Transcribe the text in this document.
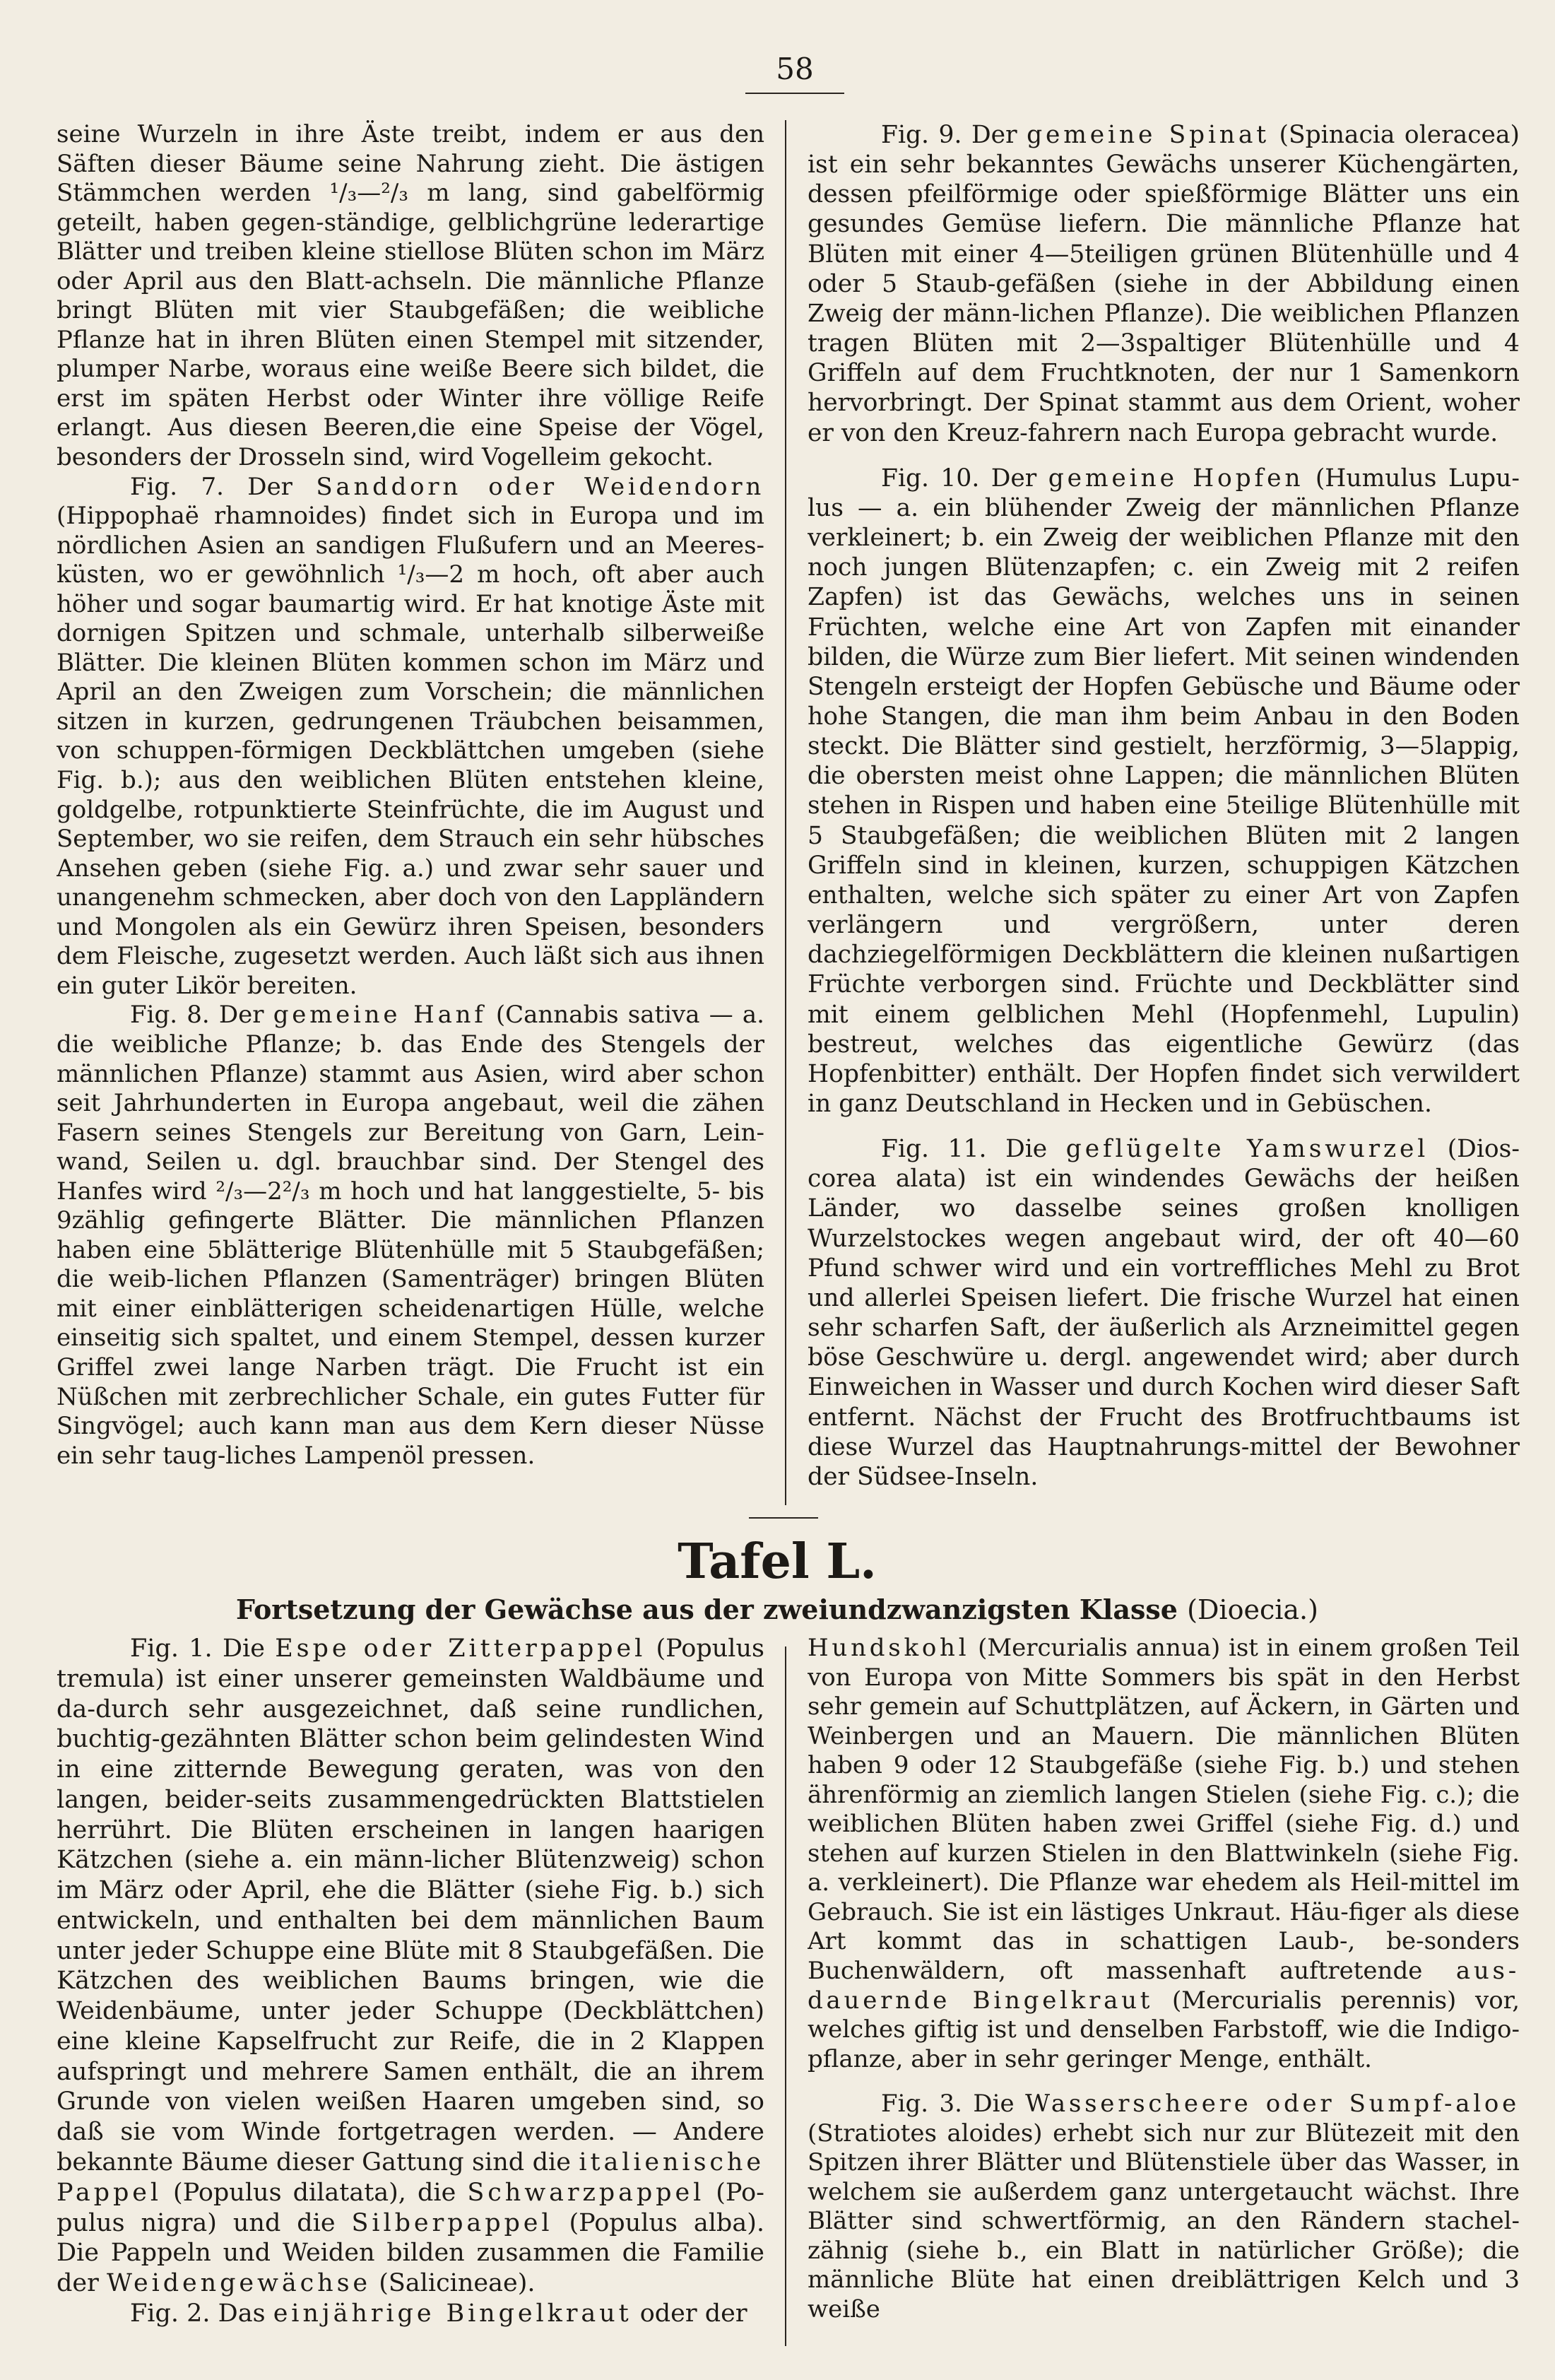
58

seine Wurzeln in ihre Äste treibt, indem er aus den Säften dieser Bäume seine Nahrung zieht. Die ästigen Stämmchen werden ¹/₃—²/₃ m lang, sind gabelförmig geteilt, haben gegen-ständige, gelblichgrüne lederartige Blätter und treiben kleine stiellose Blüten schon im März oder April aus den Blatt-achseln. Die männliche Pflanze bringt Blüten mit vier Staubgefäßen; die weibliche Pflanze hat in ihren Blüten einen Stempel mit sitzender, plumper Narbe, woraus eine weiße Beere sich bildet, die erst im späten Herbst oder Winter ihre völlige Reife erlangt. Aus diesen Beeren,die eine Speise der Vögel, besonders der Drosseln sind, wird Vogelleim gekocht.

Fig. 7. Der Sanddorn oder Weidendorn (Hippophaë rhamnoides) findet sich in Europa und im nördlichen Asien an sandigen Flußufern und an Meeres-küsten, wo er gewöhnlich ¹/₃—2 m hoch, oft aber auch höher und sogar baumartig wird. Er hat knotige Äste mit dornigen Spitzen und schmale, unterhalb silberweiße Blätter. Die kleinen Blüten kommen schon im März und April an den Zweigen zum Vorschein; die männlichen sitzen in kurzen, gedrungenen Träubchen beisammen, von schuppen-förmigen Deckblättchen umgeben (siehe Fig. b.); aus den weiblichen Blüten entstehen kleine, goldgelbe, rotpunktierte Steinfrüchte, die im August und September, wo sie reifen, dem Strauch ein sehr hübsches Ansehen geben (siehe Fig. a.) und zwar sehr sauer und unangenehm schmecken, aber doch von den Lappländern und Mongolen als ein Gewürz ihren Speisen, besonders dem Fleische, zugesetzt werden. Auch läßt sich aus ihnen ein guter Likör bereiten.

Fig. 8. Der gemeine Hanf (Cannabis sativa — a. die weibliche Pflanze; b. das Ende des Stengels der männlichen Pflanze) stammt aus Asien, wird aber schon seit Jahrhunderten in Europa angebaut, weil die zähen Fasern seines Stengels zur Bereitung von Garn, Lein-wand, Seilen u. dgl. brauchbar sind. Der Stengel des Hanfes wird ²/₃—2²/₃ m hoch und hat langgestielte, 5- bis 9zählig gefingerte Blätter. Die männlichen Pflanzen haben eine 5blätterige Blütenhülle mit 5 Staubgefäßen; die weib-lichen Pflanzen (Samenträger) bringen Blüten mit einer einblätterigen scheidenartigen Hülle, welche einseitig sich spaltet, und einem Stempel, dessen kurzer Griffel zwei lange Narben trägt. Die Frucht ist ein Nüßchen mit zerbrechlicher Schale, ein gutes Futter für Singvögel; auch kann man aus dem Kern dieser Nüsse ein sehr taug-liches Lampenöl pressen.

Fig. 9. Der gemeine Spinat (Spinacia oleracea) ist ein sehr bekanntes Gewächs unserer Küchengärten, dessen pfeilförmige oder spießförmige Blätter uns ein gesundes Gemüse liefern. Die männliche Pflanze hat Blüten mit einer 4—5teiligen grünen Blütenhülle und 4 oder 5 Staub-gefäßen (siehe in der Abbildung einen Zweig der männ-lichen Pflanze). Die weiblichen Pflanzen tragen Blüten mit 2—3spaltiger Blütenhülle und 4 Griffeln auf dem Fruchtknoten, der nur 1 Samenkorn hervorbringt. Der Spinat stammt aus dem Orient, woher er von den Kreuz-fahrern nach Europa gebracht wurde.

Fig. 10. Der gemeine Hopfen (Humulus Lupu-lus — a. ein blühender Zweig der männlichen Pflanze verkleinert; b. ein Zweig der weiblichen Pflanze mit den noch jungen Blütenzapfen; c. ein Zweig mit 2 reifen Zapfen) ist das Gewächs, welches uns in seinen Früchten, welche eine Art von Zapfen mit einander bilden, die Würze zum Bier liefert. Mit seinen windenden Stengeln ersteigt der Hopfen Gebüsche und Bäume oder hohe Stangen, die man ihm beim Anbau in den Boden steckt. Die Blätter sind gestielt, herzförmig, 3—5lappig, die obersten meist ohne Lappen; die männlichen Blüten stehen in Rispen und haben eine 5teilige Blütenhülle mit 5 Staubgefäßen; die weiblichen Blüten mit 2 langen Griffeln sind in kleinen, kurzen, schuppigen Kätzchen enthalten, welche sich später zu einer Art von Zapfen verlängern und vergrößern, unter deren dachziegelförmigen Deckblättern die kleinen nußartigen Früchte verborgen sind. Früchte und Deckblätter sind mit einem gelblichen Mehl (Hopfenmehl, Lupulin) bestreut, welches das eigentliche Gewürz (das Hopfenbitter) enthält. Der Hopfen findet sich verwildert in ganz Deutschland in Hecken und in Gebüschen.

Fig. 11. Die geflügelte Yamswurzel (Dios-corea alata) ist ein windendes Gewächs der heißen Länder, wo dasselbe seines großen knolligen Wurzelstockes wegen angebaut wird, der oft 40—60 Pfund schwer wird und ein vortreffliches Mehl zu Brot und allerlei Speisen liefert. Die frische Wurzel hat einen sehr scharfen Saft, der äußerlich als Arzneimittel gegen böse Geschwüre u. dergl. angewendet wird; aber durch Einweichen in Wasser und durch Kochen wird dieser Saft entfernt. Nächst der Frucht des Brotfruchtbaums ist diese Wurzel das Hauptnahrungs-mittel der Bewohner der Südsee-Inseln.

Tafel L.
Fortsetzung der Gewächse aus der zweiundzwanzigsten Klasse (Dioecia.)

Fig. 1. Die Espe oder Zitterpappel (Populus tremula) ist einer unserer gemeinsten Waldbäume und da-durch sehr ausgezeichnet, daß seine rundlichen, buchtig-gezähnten Blätter schon beim gelindesten Wind in eine zitternde Bewegung geraten, was von den langen, beider-seits zusammengedrückten Blattstielen herrührt. Die Blüten erscheinen in langen haarigen Kätzchen (siehe a. ein männ-licher Blütenzweig) schon im März oder April, ehe die Blätter (siehe Fig. b.) sich entwickeln, und enthalten bei dem männlichen Baum unter jeder Schuppe eine Blüte mit 8 Staubgefäßen. Die Kätzchen des weiblichen Baums bringen, wie die Weidenbäume, unter jeder Schuppe (Deckblättchen) eine kleine Kapselfrucht zur Reife, die in 2 Klappen aufspringt und mehrere Samen enthält, die an ihrem Grunde von vielen weißen Haaren umgeben sind, so daß sie vom Winde fortgetragen werden. — Andere bekannte Bäume dieser Gattung sind die italienische Pappel (Populus dilatata), die Schwarzpappel (Po-pulus nigra) und die Silberpappel (Populus alba). Die Pappeln und Weiden bilden zusammen die Familie der Weidengewächse (Salicineae).

Fig. 2. Das einjährige Bingelkraut oder der

Hundskohl (Mercurialis annua) ist in einem großen Teil von Europa von Mitte Sommers bis spät in den Herbst sehr gemein auf Schuttplätzen, auf Äckern, in Gärten und Weinbergen und an Mauern. Die männlichen Blüten haben 9 oder 12 Staubgefäße (siehe Fig. b.) und stehen ährenförmig an ziemlich langen Stielen (siehe Fig. c.); die weiblichen Blüten haben zwei Griffel (siehe Fig. d.) und stehen auf kurzen Stielen in den Blattwinkeln (siehe Fig. a. verkleinert). Die Pflanze war ehedem als Heil-mittel im Gebrauch. Sie ist ein lästiges Unkraut. Häu-figer als diese Art kommt das in schattigen Laub-, be-sonders Buchenwäldern, oft massenhaft auftretende aus-dauernde Bingelkraut (Mercurialis perennis) vor, welches giftig ist und denselben Farbstoff, wie die Indigo-pflanze, aber in sehr geringer Menge, enthält.

Fig. 3. Die Wasserscheere oder Sumpf-aloe (Stratiotes aloides) erhebt sich nur zur Blütezeit mit den Spitzen ihrer Blätter und Blütenstiele über das Wasser, in welchem sie außerdem ganz untergetaucht wächst. Ihre Blätter sind schwertförmig, an den Rändern stachel-zähnig (siehe b., ein Blatt in natürlicher Größe); die männliche Blüte hat einen dreiblättrigen Kelch und 3 weiße
